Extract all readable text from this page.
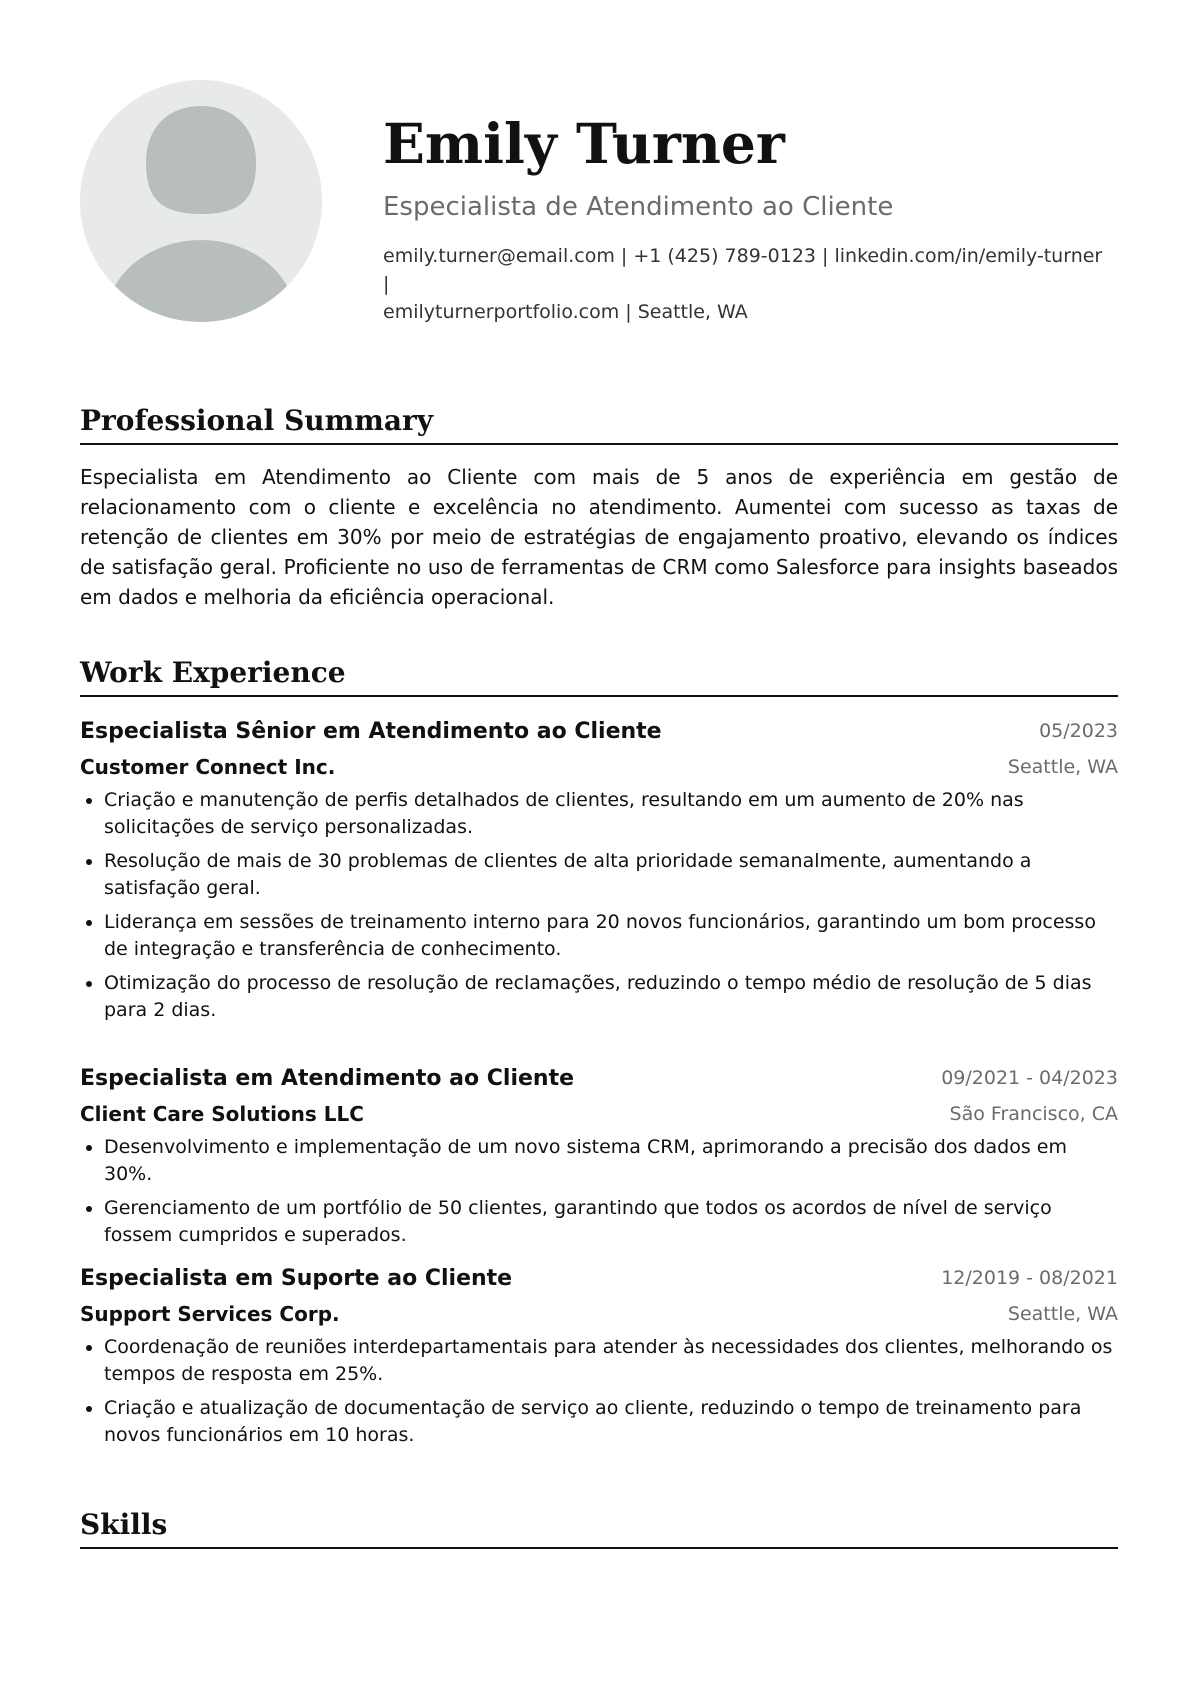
Emily Turner
Especialista de Atendimento ao Cliente
emily.turner@email.com | +1 (425) 789-0123 | linkedin.com/in/emily-turner |
emilyturnerportfolio.com | Seattle, WA
Professional Summary
Especialista em Atendimento ao Cliente com mais de 5 anos de experiência em gestão de relacionamento com o cliente e excelência no atendimento. Aumentei com sucesso as taxas de retenção de clientes em 30% por meio de estratégias de engajamento proativo, elevando os índices de satisfação geral. Proficiente no uso de ferramentas de CRM como Salesforce para insights baseados em dados e melhoria da eficiência operacional.
Work Experience
Especialista Sênior em Atendimento ao Cliente	05/2023
Customer Connect Inc.	Seattle, WA
Criação e manutenção de perfis detalhados de clientes, resultando em um aumento de 20% nas solicitações de serviço personalizadas.
Resolução de mais de 30 problemas de clientes de alta prioridade semanalmente, aumentando a satisfação geral.
Liderança em sessões de treinamento interno para 20 novos funcionários, garantindo um bom processo de integração e transferência de conhecimento.
Otimização do processo de resolução de reclamações, reduzindo o tempo médio de resolução de 5 dias para 2 dias.
Especialista em Atendimento ao Cliente	09/2021 - 04/2023
Client Care Solutions LLC	São Francisco, CA
Desenvolvimento e implementação de um novo sistema CRM, aprimorando a precisão dos dados em 30%.
Gerenciamento de um portfólio de 50 clientes, garantindo que todos os acordos de nível de serviço fossem cumpridos e superados.
Especialista em Suporte ao Cliente	12/2019 - 08/2021
Support Services Corp.	Seattle, WA
Coordenação de reuniões interdepartamentais para atender às necessidades dos clientes, melhorando os tempos de resposta em 25%.
Criação e atualização de documentação de serviço ao cliente, reduzindo o tempo de treinamento para novos funcionários em 10 horas.
Skills
